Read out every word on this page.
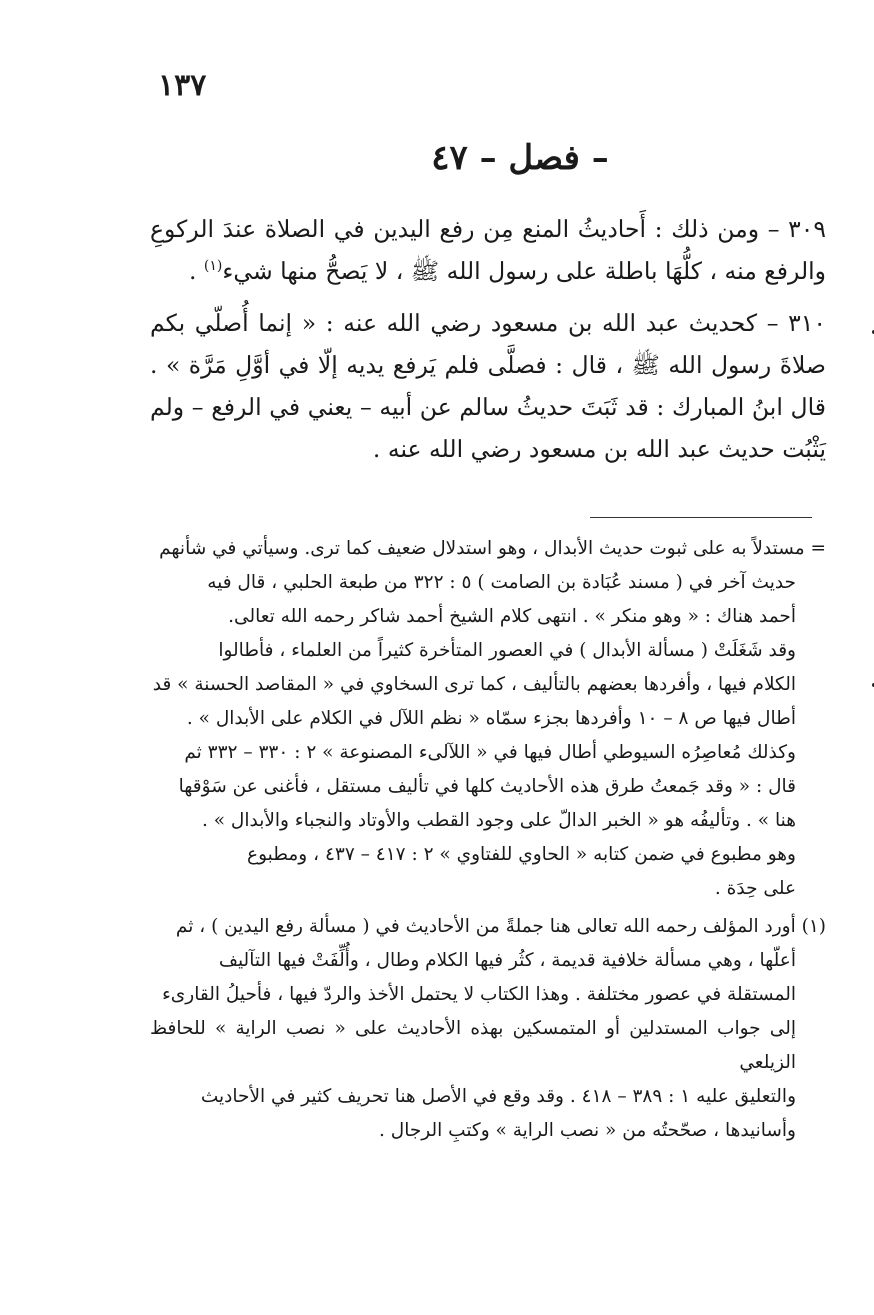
١٣٧
فصل – ٤٧ –

٣٠٩ – ومن ذلك : أَحاديثُ المنع مِن رفع اليدين في الصلاة عندَ الركوعِ والرفع منه ، كلُّهَا باطلة على رسول الله ﷺ ، لا يَصحُّ منها شيء$^{(١)}$ .

٣١٠ – كحديث عبد الله بن مسعود رضي الله عنه : « إنما أُصلّي بكم صلاةَ رسول الله ﷺ ، قال : فصلَّى فلم يَرفع يديه إلّا في أوَّلِ مَرَّة » . قال ابنُ المبارك : قد ثَبَتَ حديثُ سالم عن أبيه – يعني في الرفع – ولم يَثْبُت حديث عبد الله بن مسعود رضي الله عنه .

= مستدلاً به على ثبوت حديث الأبدال ، وهو استدلال ضعيف كما ترى. وسيأتي في شأنهم
حديث آخر في ( مسند عُبَادة بن الصامت ) ٥ : ٣٢٢ من طبعة الحلبي ، قال فيه
أحمد هناك : « وهو منكر » . انتهى كلام الشيخ أحمد شاكر رحمه الله تعالى.
وقد شَغَلَتْ ( مسألة الأبدال ) في العصور المتأخرة كثيراً من العلماء ، فأطالوا
الكلام فيها ، وأفردها بعضهم بالتأليف ، كما ترى السخاوي في « المقاصد الحسنة » قد
أطال فيها ص ٨ – ١٠ وأفردها بجزء سمّاه « نظم اللآل في الكلام على الأبدال » .
وكذلك مُعاصِرُه السيوطي أطال فيها في « اللآلىء المصنوعة » ٢ : ٣٣٠ – ٣٣٢ ثم
قال : « وقد جَمعتُ طرق هذه الأحاديث كلها في تأليف مستقل ، فأغنى عن سَوْقها
هنا » . وتأليفُه هو « الخبر الدالّ على وجود القطب والأوتاد والنجباء والأبدال » .
وهو مطبوع في ضمن كتابه « الحاوي للفتاوي » ٢ : ٤١٧ – ٤٣٧ ، ومطبوع
على حِدَة .
(١) أورد المؤلف رحمه الله تعالى هنا جملةً من الأحاديث في ( مسألة رفع اليدين ) ، ثم
أعلّها ، وهي مسألة خلافية قديمة ، كثُر فيها الكلام وطال ، وأُلِّفَتْ فيها التآليف
المستقلة في عصور مختلفة . وهذا الكتاب لا يحتمل الأخذ والردّ فيها ، فأحيلُ القارىء
إلى جواب المستدلين أو المتمسكين بهذه الأحاديث على « نصب الراية » للحافظ الزيلعي
والتعليق عليه ١ : ٣٨٩ – ٤١٨ . وقد وقع في الأصل هنا تحريف كثير في الأحاديث
وأسانيدها ، صحّحتُه من « نصب الراية » وكتبِ الرجال .
